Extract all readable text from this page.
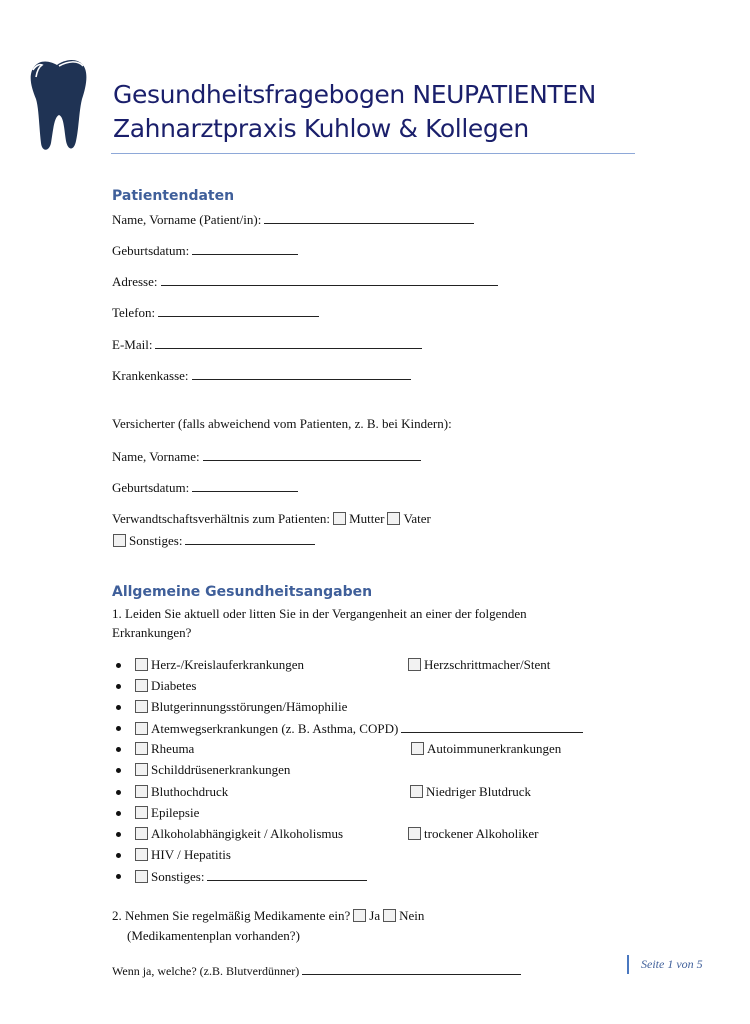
Gesundheitsfragebogen NEUPATIENTEN
Zahnarztpraxis Kuhlow & Kollegen
Patientendaten
Name, Vorname (Patient/in):
Geburtsdatum:
Adresse:
Telefon:
E-Mail:
Krankenkasse:
Versicherter (falls abweichend vom Patienten, z. B. bei Kindern):
Name, Vorname:
Geburtsdatum:
Verwandtschaftsverhältnis zum Patienten: Mutter Vater
Sonstiges:
Allgemeine Gesundheitsangaben
1. Leiden Sie aktuell oder litten Sie in der Vergangenheit an einer der folgenden
Erkrankungen?
Herz-/Kreislauferkrankungen	Herzschrittmacher/Stent
Diabetes
Blutgerinnungsstörungen/Hämophilie
Atemwegserkrankungen (z. B. Asthma, COPD)
Rheuma	Autoimmunerkrankungen
Schilddrüsenerkrankungen
Bluthochdruck	Niedriger Blutdruck
Epilepsie
Alkoholabhängigkeit / Alkoholismus	trockener Alkoholiker
HIV / Hepatitis
Sonstiges:
2. Nehmen Sie regelmäßig Medikamente ein? Ja Nein
(Medikamentenplan vorhanden?)
Wenn ja, welche? (z.B. Blutverdünner)	Seite 1 von 5
